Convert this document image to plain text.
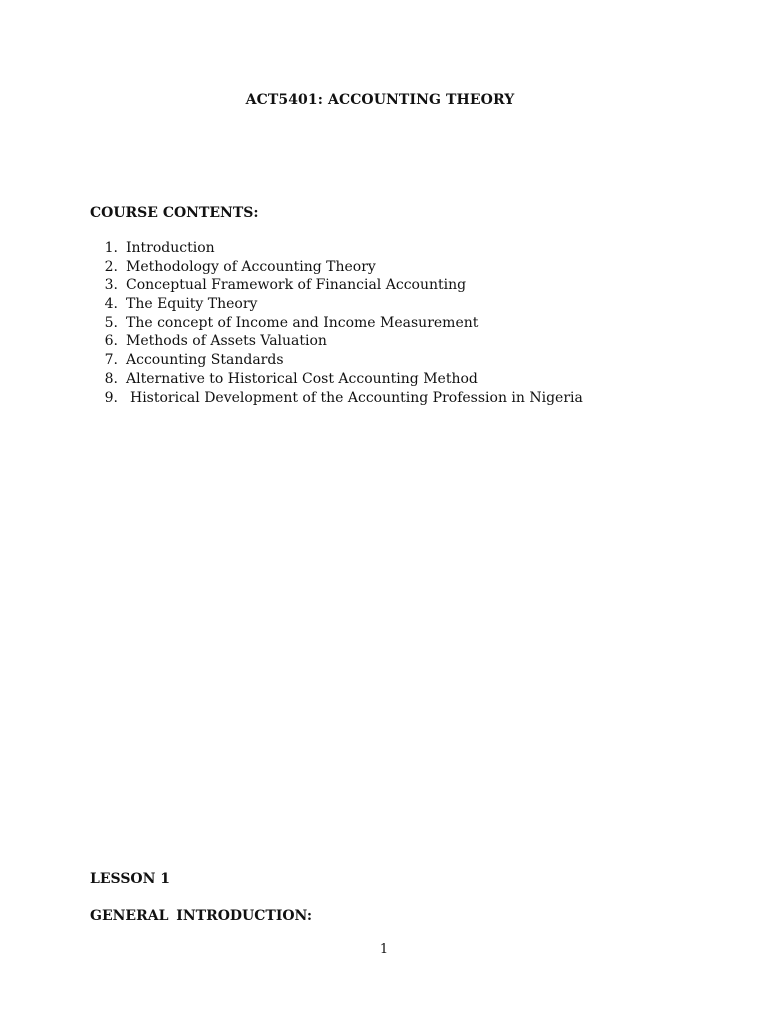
ACT5401: ACCOUNTING THEORY
COURSE CONTENTS:
1. Introduction
2. Methodology of Accounting Theory
3. Conceptual Framework of Financial Accounting
4. The Equity Theory
5. The concept of Income and Income Measurement
6. Methods of Assets Valuation
7. Accounting Standards
8. Alternative to Historical Cost Accounting Method
9. Historical Development of the Accounting Profession in Nigeria
LESSON 1
GENERAL INTRODUCTION:
1
